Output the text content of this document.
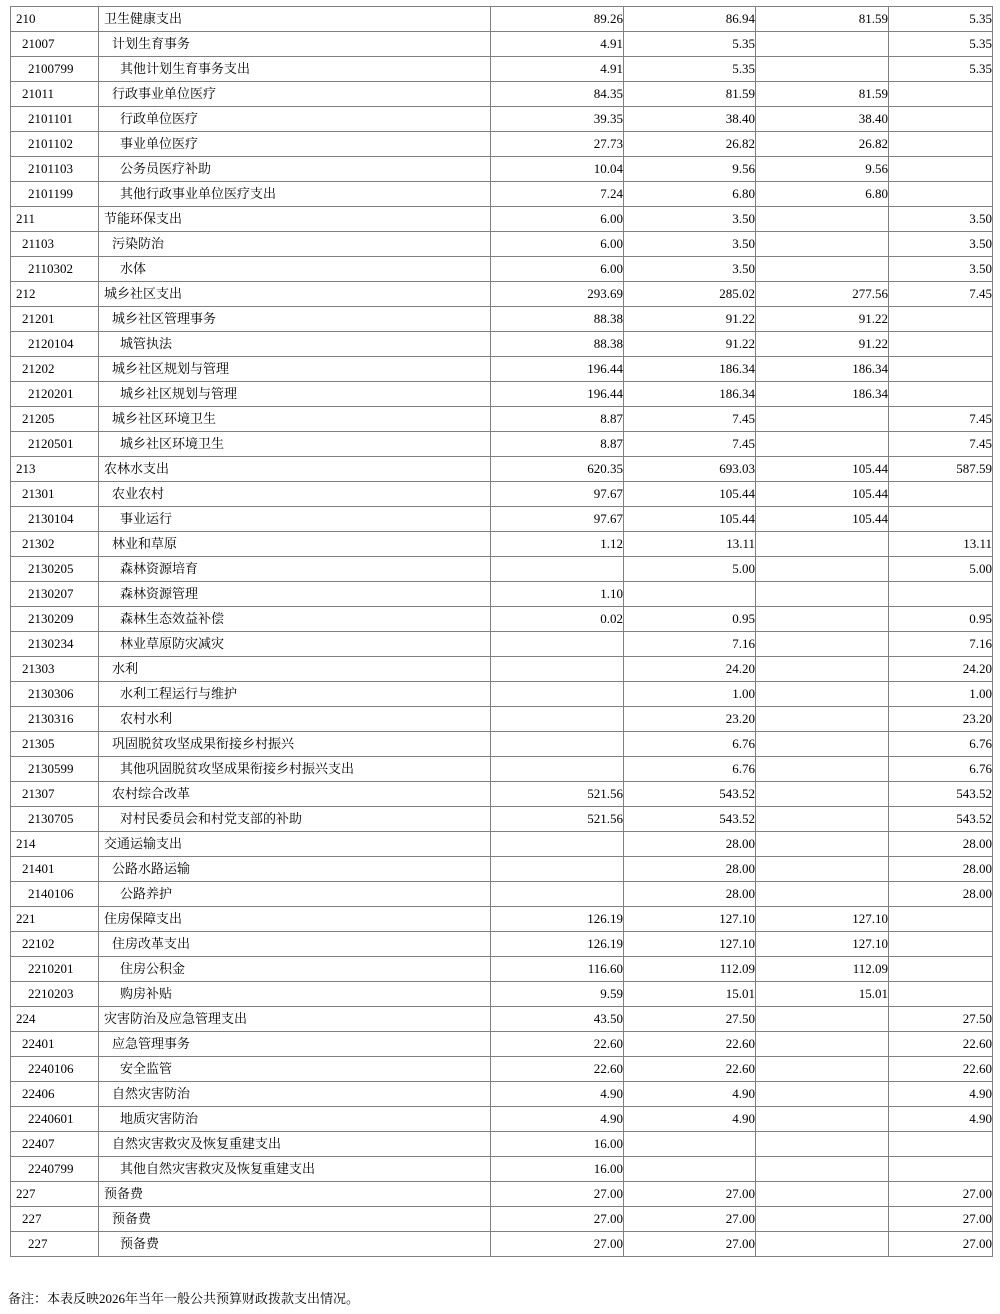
210	卫生健康支出	89.26	86.94	81.59	5.35
21007	计划生育事务	4.91	5.35		5.35
2100799	其他计划生育事务支出	4.91	5.35		5.35
21011	行政事业单位医疗	84.35	81.59	81.59	
2101101	行政单位医疗	39.35	38.40	38.40	
2101102	事业单位医疗	27.73	26.82	26.82	
2101103	公务员医疗补助	10.04	9.56	9.56	
2101199	其他行政事业单位医疗支出	7.24	6.80	6.80	
211	节能环保支出	6.00	3.50		3.50
21103	污染防治	6.00	3.50		3.50
2110302	水体	6.00	3.50		3.50
212	城乡社区支出	293.69	285.02	277.56	7.45
21201	城乡社区管理事务	88.38	91.22	91.22	
2120104	城管执法	88.38	91.22	91.22	
21202	城乡社区规划与管理	196.44	186.34	186.34	
2120201	城乡社区规划与管理	196.44	186.34	186.34	
21205	城乡社区环境卫生	8.87	7.45		7.45
2120501	城乡社区环境卫生	8.87	7.45		7.45
213	农林水支出	620.35	693.03	105.44	587.59
21301	农业农村	97.67	105.44	105.44	
2130104	事业运行	97.67	105.44	105.44	
21302	林业和草原	1.12	13.11		13.11
2130205	森林资源培育		5.00		5.00
2130207	森林资源管理	1.10			
2130209	森林生态效益补偿	0.02	0.95		0.95
2130234	林业草原防灾减灾		7.16		7.16
21303	水利		24.20		24.20
2130306	水利工程运行与维护		1.00		1.00
2130316	农村水利		23.20		23.20
21305	巩固脱贫攻坚成果衔接乡村振兴		6.76		6.76
2130599	其他巩固脱贫攻坚成果衔接乡村振兴支出		6.76		6.76
21307	农村综合改革	521.56	543.52		543.52
2130705	对村民委员会和村党支部的补助	521.56	543.52		543.52
214	交通运输支出		28.00		28.00
21401	公路水路运输		28.00		28.00
2140106	公路养护		28.00		28.00
221	住房保障支出	126.19	127.10	127.10	
22102	住房改革支出	126.19	127.10	127.10	
2210201	住房公积金	116.60	112.09	112.09	
2210203	购房补贴	9.59	15.01	15.01	
224	灾害防治及应急管理支出	43.50	27.50		27.50
22401	应急管理事务	22.60	22.60		22.60
2240106	安全监管	22.60	22.60		22.60
22406	自然灾害防治	4.90	4.90		4.90
2240601	地质灾害防治	4.90	4.90		4.90
22407	自然灾害救灾及恢复重建支出	16.00			
2240799	其他自然灾害救灾及恢复重建支出	16.00			
227	预备费	27.00	27.00		27.00
227	预备费	27.00	27.00		27.00
227	预备费	27.00	27.00		27.00
备注：本表反映2026年当年一般公共预算财政拨款支出情况。
